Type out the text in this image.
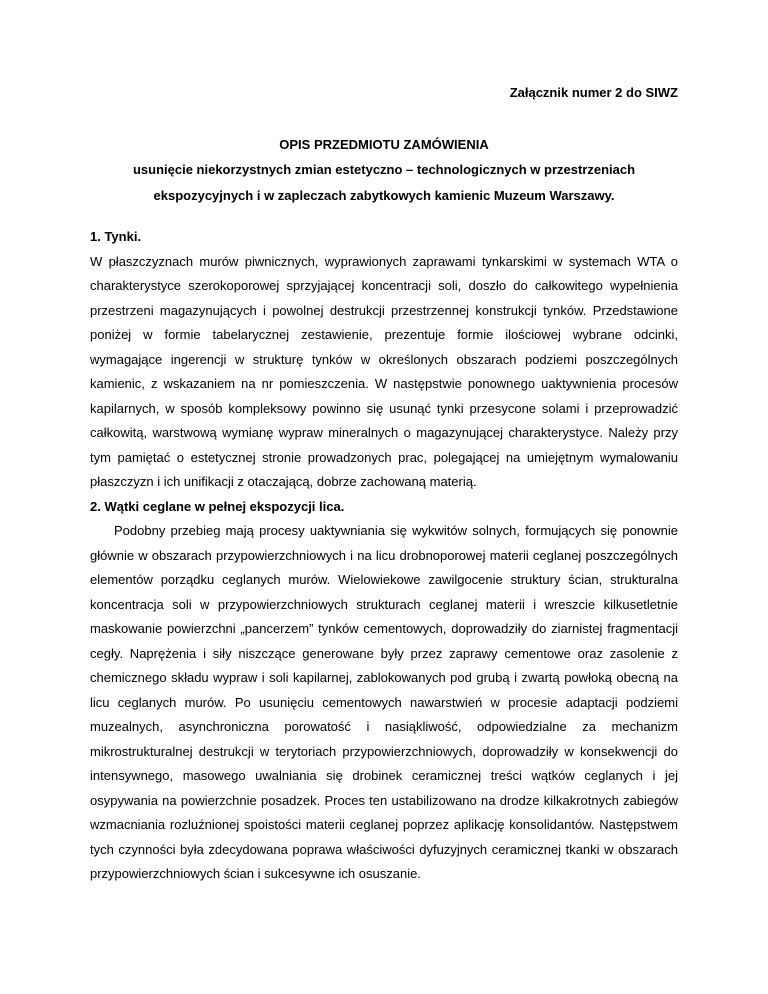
Załącznik numer 2 do SIWZ
OPIS PRZEDMIOTU ZAMÓWIENIA
usunięcie niekorzystnych zmian estetyczno – technologicznych w przestrzeniach ekspozycyjnych i w zapleczach zabytkowych kamienic Muzeum Warszawy.

1. Tynki.

W płaszczyznach murów piwnicznych, wyprawionych zaprawami tynkarskimi w systemach WTA o charakterystyce szerokoporowej sprzyjającej koncentracji soli, doszło do całkowitego wypełnienia przestrzeni magazynujących i powolnej destrukcji przestrzennej konstrukcji tynków. Przedstawione poniżej w formie tabelarycznej zestawienie, prezentuje formie ilościowej wybrane odcinki, wymagające ingerencji w strukturę tynków w określonych obszarach podziemi poszczególnych kamienic, z wskazaniem na nr pomieszczenia. W następstwie ponownego uaktywnienia procesów kapilarnych, w sposób kompleksowy powinno się usunąć tynki przesycone solami i przeprowadzić całkowitą, warstwową wymianę wypraw mineralnych o magazynującej charakterystyce. Należy przy tym pamiętać o estetycznej stronie prowadzonych prac, polegającej na umiejętnym wymalowaniu płaszczyzn i ich unifikacji z otaczającą, dobrze zachowaną materią.

2. Wątki ceglane w pełnej ekspozycji lica.

Podobny przebieg mają procesy uaktywniania się wykwitów solnych, formujących się ponownie głównie w obszarach przypowierzchniowych i na licu drobnoporowej materii ceglanej poszczególnych elementów porządku ceglanych murów. Wielowiekowe zawilgocenie struktury ścian, strukturalna koncentracja soli w przypowierzchniowych strukturach ceglanej materii i wreszcie kilkusetletnie maskowanie powierzchni „pancerzem” tynków cementowych, doprowadziły do ziarnistej fragmentacji cegły. Naprężenia i siły niszczące generowane były przez zaprawy cementowe oraz zasolenie z chemicznego składu wypraw i soli kapilarnej, zablokowanych pod grubą i zwartą powłoką obecną na licu ceglanych murów. Po usunięciu cementowych nawarstwień w procesie adaptacji podziemi muzealnych, asynchroniczna porowatość i nasiąkliwość, odpowiedzialne za mechanizm mikrostrukturalnej destrukcji w terytoriach przypowierzchniowych, doprowadziły w konsekwencji do intensywnego, masowego uwalniania się drobinek ceramicznej treści wątków ceglanych i jej osypywania na powierzchnie posadzek. Proces ten ustabilizowano na drodze kilkakrotnych zabiegów wzmacniania rozluźnionej spoistości materii ceglanej poprzez aplikację konsolidantów. Następstwem tych czynności była zdecydowana poprawa właściwości dyfuzyjnych ceramicznej tkanki w obszarach przypowierzchniowych ścian i sukcesywne ich osuszanie.
